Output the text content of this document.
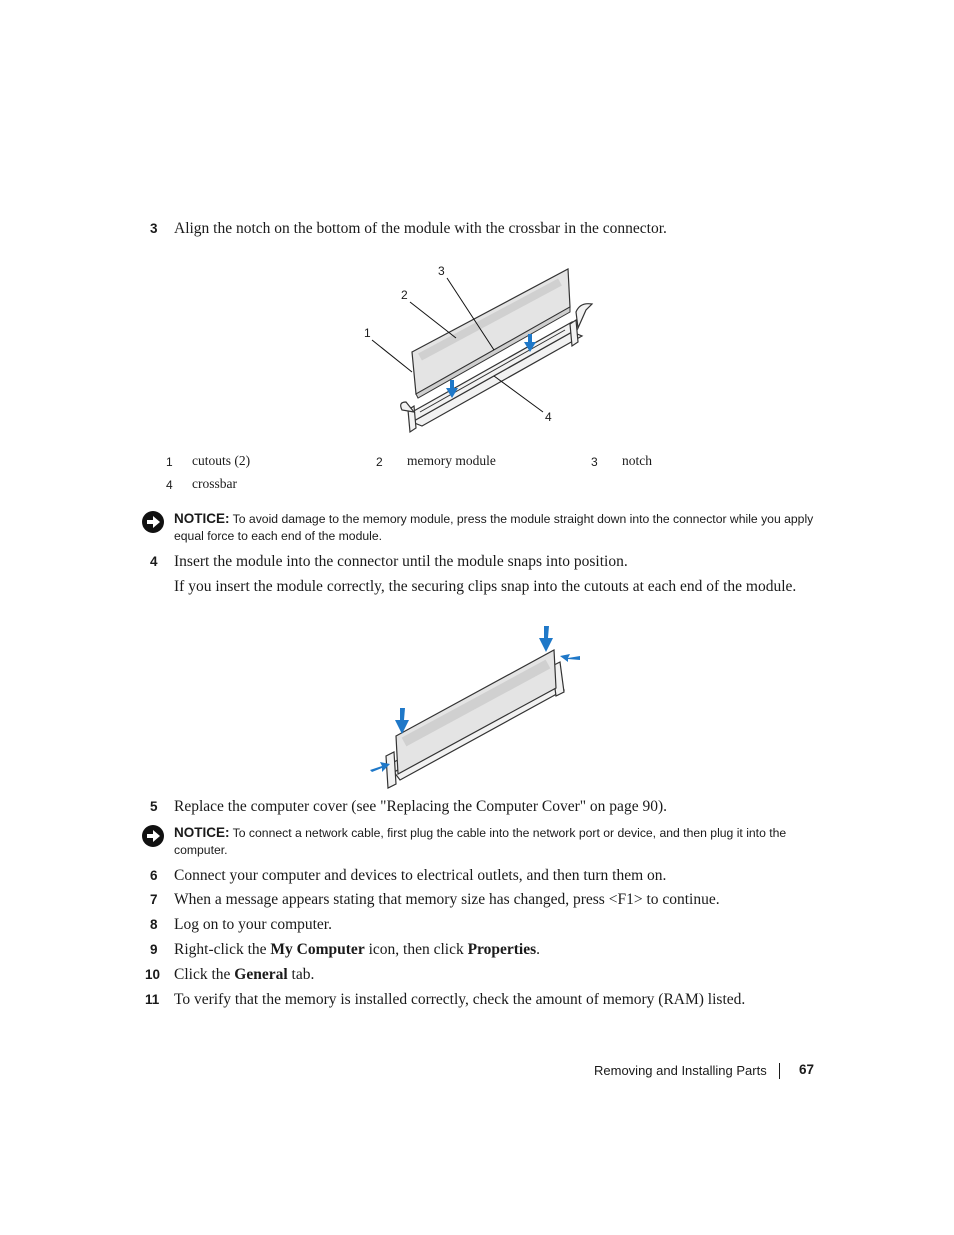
3 Align the notch on the bottom of the module with the crossbar in the connector.
1
2
3
4
1 cutouts (2)	2 memory module	3 notch
4 crossbar
NOTICE: To avoid damage to the memory module, press the module straight down into the connector while you apply equal force to each end of the module.
4 Insert the module into the connector until the module snaps into position.
If you insert the module correctly, the securing clips snap into the cutouts at each end of the module.
5 Replace the computer cover (see "Replacing the Computer Cover" on page 90).
NOTICE: To connect a network cable, first plug the cable into the network port or device, and then plug it into the computer.
6 Connect your computer and devices to electrical outlets, and then turn them on.
7 When a message appears stating that memory size has changed, press <F1> to continue.
8 Log on to your computer.
9 Right-click the My Computer icon, then click Properties.
10 Click the General tab.
11 To verify that the memory is installed correctly, check the amount of memory (RAM) listed.
Removing and Installing Parts 67
